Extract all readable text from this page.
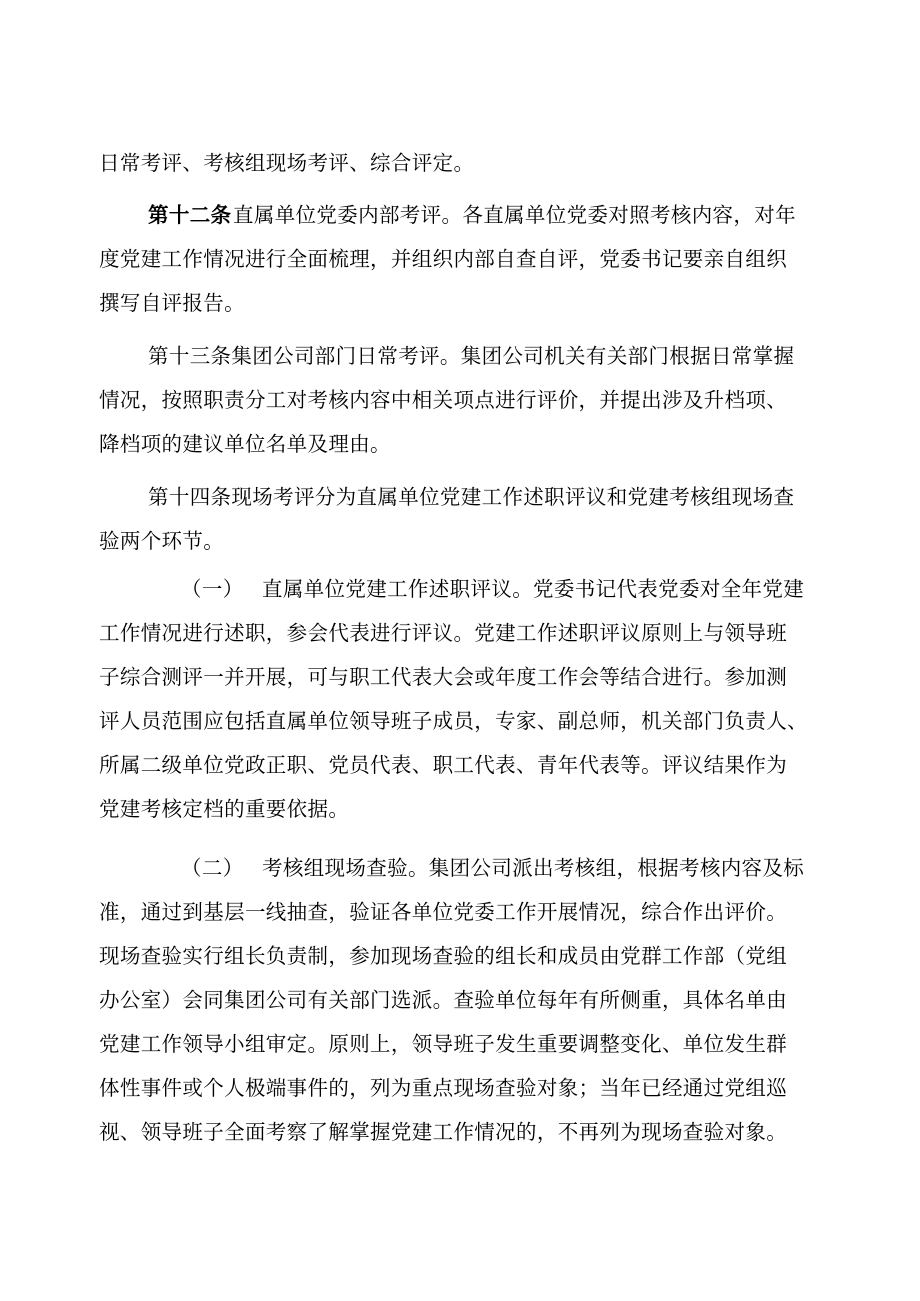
日常考评、考核组现场考评、综合评定。

第十二条 直属单位党委内部考评。各直属单位党委对照考核内容，对年

度党建工作情况进行全面梳理，并组织内部自查自评，党委书记要亲自组织

撰写自评报告。

第十三条集团公司部门日常考评。集团公司机关有关部门根据日常掌握

情况，按照职责分工对考核内容中相关项点进行评价，并提出涉及升档项、

降档项的建议单位名单及理由。

第十四条现场考评分为直属单位党建工作述职评议和党建考核组现场查

验两个环节。

（一） 直属单位党建工作述职评议。党委书记代表党委对全年党建

工作情况进行述职，参会代表进行评议。党建工作述职评议原则上与领导班

子综合测评一并开展，可与职工代表大会或年度工作会等结合进行。参加测

评人员范围应包括直属单位领导班子成员，专家、副总师，机关部门负责人、

所属二级单位党政正职、党员代表、职工代表、青年代表等。评议结果作为

党建考核定档的重要依据。

（二） 考核组现场查验。集团公司派出考核组，根据考核内容及标

准，通过到基层一线抽查，验证各单位党委工作开展情况，综合作出评价。

现场查验实行组长负责制，参加现场查验的组长和成员由党群工作部（党组

办公室）会同集团公司有关部门选派。查验单位每年有所侧重，具体名单由

党建工作领导小组审定。原则上，领导班子发生重要调整变化、单位发生群

体性事件或个人极端事件的，列为重点现场查验对象；当年已经通过党组巡

视、领导班子全面考察了解掌握党建工作情况的，不再列为现场查验对象。
